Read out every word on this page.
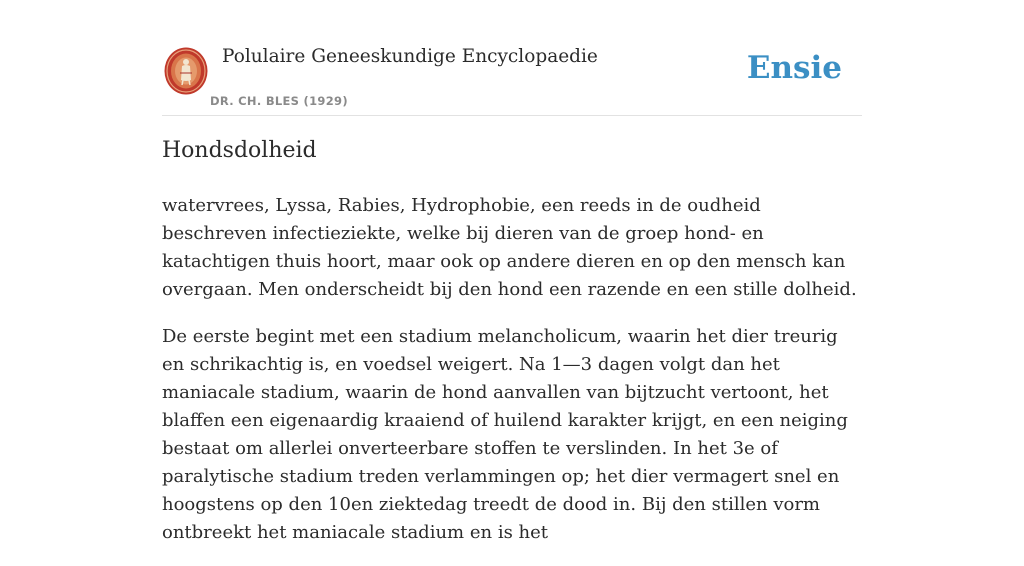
Polulaire Geneeskundige Encyclopaedie
DR. CH. BLES (1929)
Ensie
Hondsdolheid

watervrees, Lyssa, Rabies, Hydrophobie, een reeds in de oudheid beschreven infectieziekte, welke bij dieren van de groep hond- en katachtigen thuis hoort, maar ook op andere dieren en op den mensch kan overgaan. Men onderscheidt bij den hond een razende en een stille dolheid.

De eerste begint met een stadium melancholicum, waarin het dier treurig en schrikachtig is, en voedsel weigert. Na 1—3 dagen volgt dan het maniacale stadium, waarin de hond aanvallen van bijtzucht vertoont, het blaffen een eigenaardig kraaiend of huilend karakter krijgt, en een neiging bestaat om allerlei onverteerbare stoffen te verslinden. In het 3e of paralytische stadium treden verlammingen op; het dier vermagert snel en hoogstens op den 10en ziektedag treedt de dood in. Bij den stillen vorm ontbreekt het maniacale stadium en is het
